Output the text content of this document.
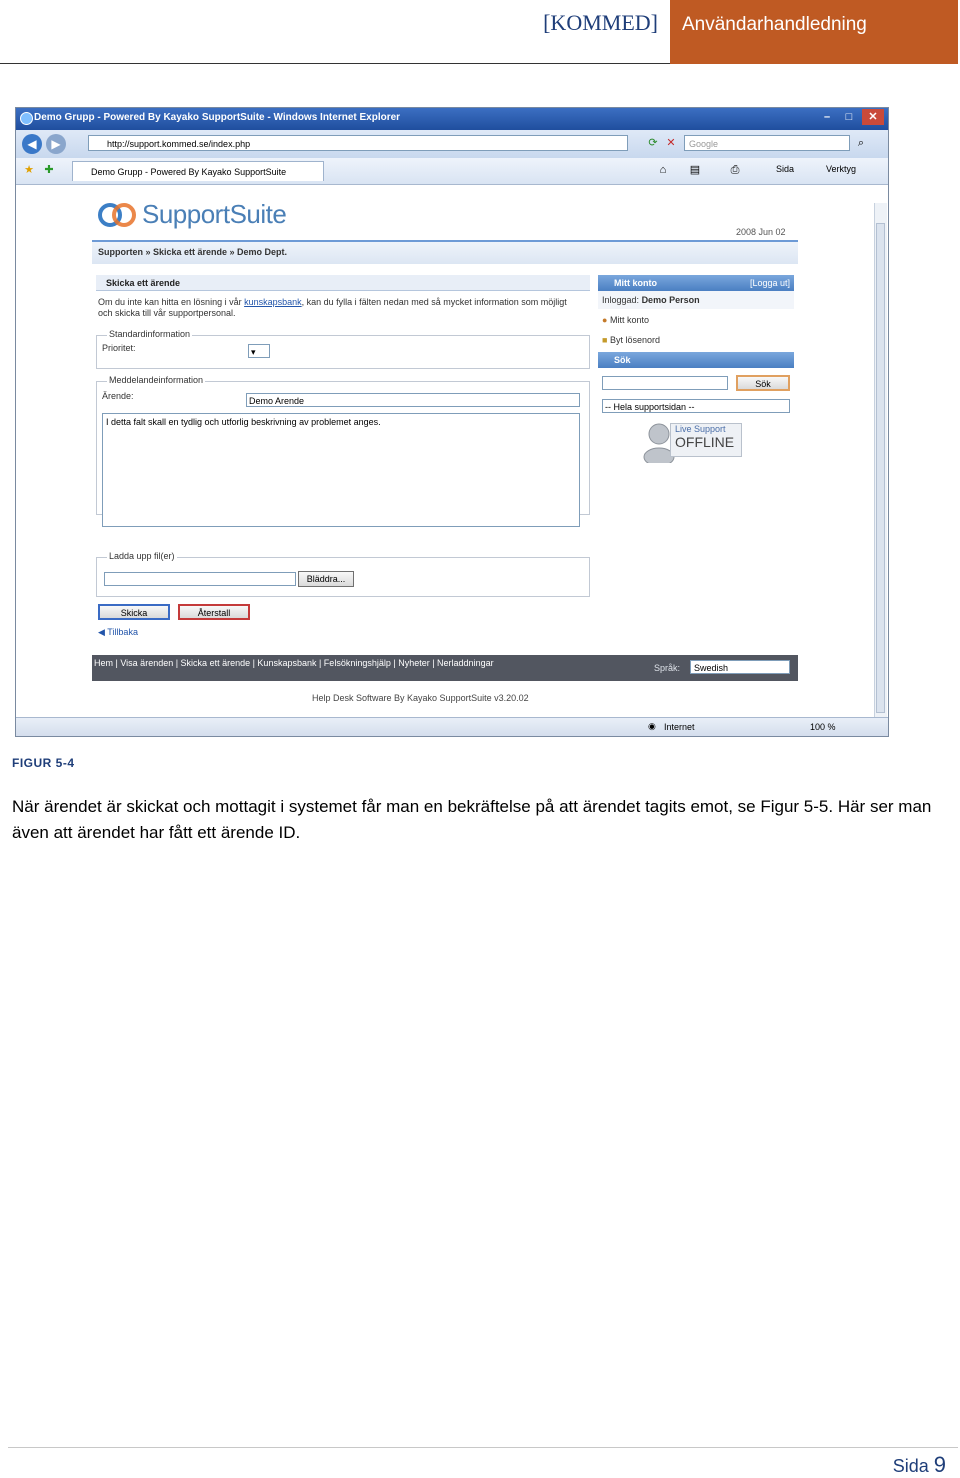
[KOMMED] Användarhandledning
Demo Grupp - Powered By Kayako SupportSuite - Windows Internet Explorer	–	□	✕
◀	▶	http://support.kommed.se/index.php	⟳ ✕	Google	⌕
★ ✚	Demo Grupp - Powered By Kayako SupportSuite	⌂	▤	⎙	Sida	Verktyg
SupportSuite
2008 Jun 02
Supporten » Skicka ett ärende » Demo Dept.
Skicka ett ärende
Om du inte kan hitta en lösning i vår kunskapsbank, kan du fylla i fälten nedan med så mycket information som möjligt och skicka till vår supportpersonal.
Standardinformation
Prioritet:	▾
Meddelandeinformation
Ärende:	Demo Arende
I detta falt skall en tydlig och utforlig beskrivning av problemet anges.
Ladda upp fil(er)
Bläddra...
Skicka	Återstall
◀ Tillbaka
Mitt konto	[Logga ut]
Inloggad: Demo Person
● Mitt konto
■ Byt lösenord
Sök
Sök
-- Hela supportsidan --
Live Support
OFFLINE
Hem | Visa ärenden | Skicka ett ärende | Kunskapsbank | Felsökningshjälp | Nyheter | Nerladdningar	Språk:	Swedish
Help Desk Software By Kayako SupportSuite v3.20.02
◉ Internet	100 %
FIGUR 5-4
När ärendet är skickat och mottagit i systemet får man en bekräftelse på att ärendet tagits emot, se Figur 5-5. Här ser man även att ärendet har fått ett ärende ID.
Sida 9
